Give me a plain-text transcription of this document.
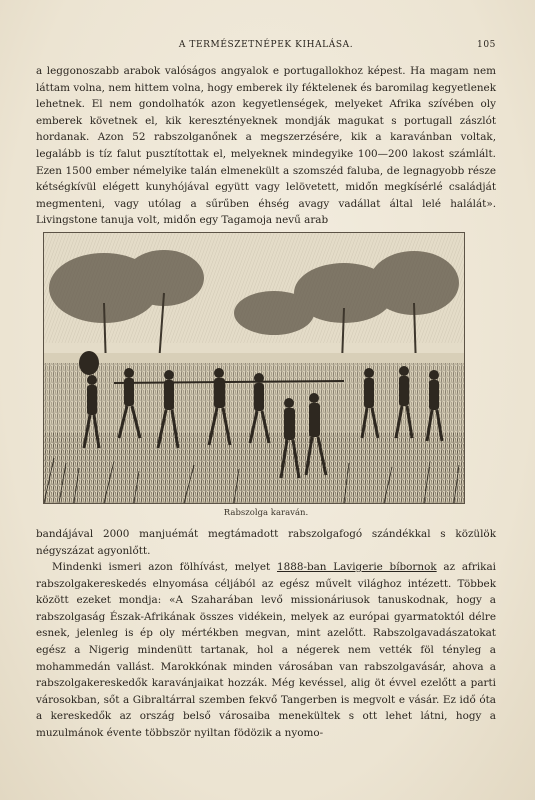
A TERMÉSZETNÉPEK KIHALÁSA.	105

a leggonoszabb arabok valóságos angyalok e portugallokhoz képest. Ha magam nem láttam volna, nem hittem volna, hogy emberek ily féktelenek és baromilag kegyetlenek lehetnek. El nem gondolhatók azon kegyetlenségek, melyeket Afrika szívében oly emberek követnek el, kik keresztényeknek mondják magukat s portugall zászlót hordanak. Azon 52 rabszolganőnek a megszerzésére, kik a karavánban voltak, legalább is tíz falut pusztítottak el, melyeknek mindegyike 100—200 lakost számlált. Ezen 1500 ember némelyike talán elmenekült a szomszéd faluba, de legnagyobb része kétségkívül elégett kunyhójával együtt vagy lelövetett, midőn megkísérlé családját megmenteni, vagy utólag a sűrűben éhség avagy vadállat által lelé halálát». Livingstone tanuja volt, midőn egy Tagamoja nevű arab

Rabszolga karaván.

bandájával 2000 manjuémát megtámadott rabszolgafogó szándékkal s közülök négyszázat agyonlőtt.

Mindenki ismeri azon fölhívást, melyet 1888-ban Lavigerie bíbornok az afrikai rabszolgakereskedés elnyomása céljából az egész művelt világhoz intézett. Többek között ezeket mondja: «A Szaharában levő missionáriusok tanuskodnak, hogy a rabszolgaság Észak-Afrikának összes vidékein, melyek az európai gyarmatoktól délre esnek, jelenleg is ép oly mértékben megvan, mint azelőtt. Rabszolgavadászatokat egész a Nigerig mindenütt tartanak, hol a négerek nem vették föl tényleg a mohammedán vallást. Marokkónak minden városában van rabszolgavásár, ahova a rabszolgakereskedők karavánjaikat hozzák. Még kevéssel, alig öt évvel ezelőtt a parti városokban, sőt a Gibraltárral szemben fekvő Tangerben is megvolt e vásár. Ez idő óta a kereskedők az ország belső városaiba menekültek s ott lehet látni, hogy a muzulmánok évente többször nyiltan födözik a nyomo-
